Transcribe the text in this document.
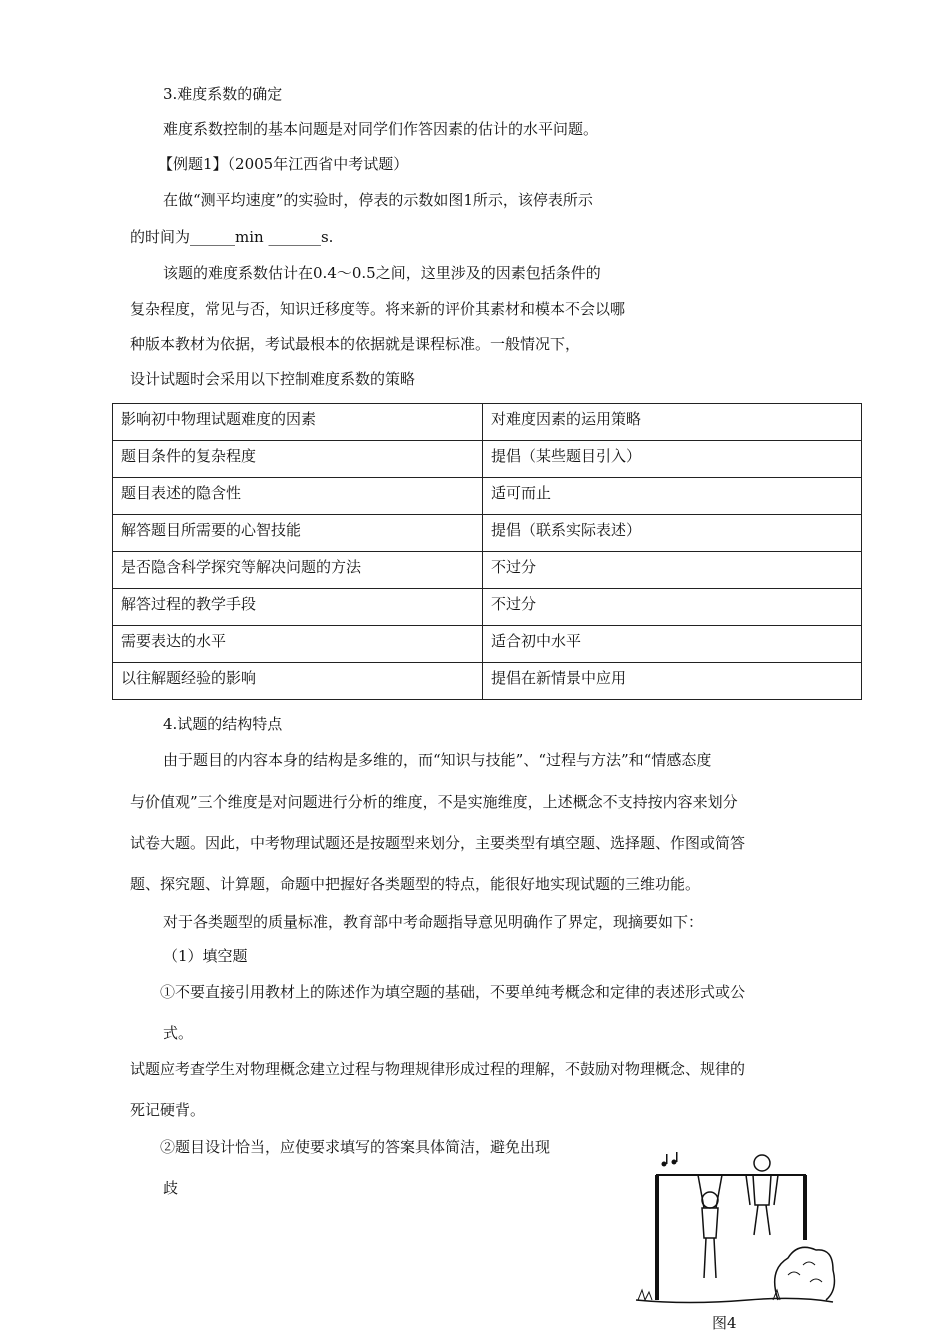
3.难度系数的确定
难度系数控制的基本问题是对同学们作答因素的估计的水平问题。
【例题1】（2005年江西省中考试题）
在做“测平均速度”的实验时，停表的示数如图1所示，该停表所示
的时间为______min _______s.
该题的难度系数估计在0.4～0.5之间，这里涉及的因素包括条件的
复杂程度，常见与否，知识迁移度等。将来新的评价其素材和模本不会以哪
种版本教材为依据，考试最根本的依据就是课程标准。一般情况下，
设计试题时会采用以下控制难度系数的策略
影响初中物理试题难度的因素	对难度因素的运用策略
题目条件的复杂程度	提倡（某些题目引入）
题目表述的隐含性	适可而止
解答题目所需要的心智技能	提倡（联系实际表述）
是否隐含科学探究等解决问题的方法	不过分
解答过程的教学手段	不过分
需要表达的水平	适合初中水平
以往解题经验的影响	提倡在新情景中应用
4.试题的结构特点
由于题目的内容本身的结构是多维的，而“知识与技能”、“过程与方法”和“情感态度
与价值观”三个维度是对问题进行分析的维度，不是实施维度，上述概念不支持按内容来划分
试卷大题。因此，中考物理试题还是按题型来划分，主要类型有填空题、选择题、作图或简答
题、探究题、计算题，命题中把握好各类题型的特点，能很好地实现试题的三维功能。
对于各类题型的质量标准，教育部中考命题指导意见明确作了界定，现摘要如下：
（1）填空题
①不要直接引用教材上的陈述作为填空题的基础，不要单纯考概念和定律的表述形式或公
式。
试题应考查学生对物理概念建立过程与物理规律形成过程的理解，不鼓励对物理概念、规律的
死记硬背。
②题目设计恰当，应使要求填写的答案具体简洁，避免出现
歧
图4
